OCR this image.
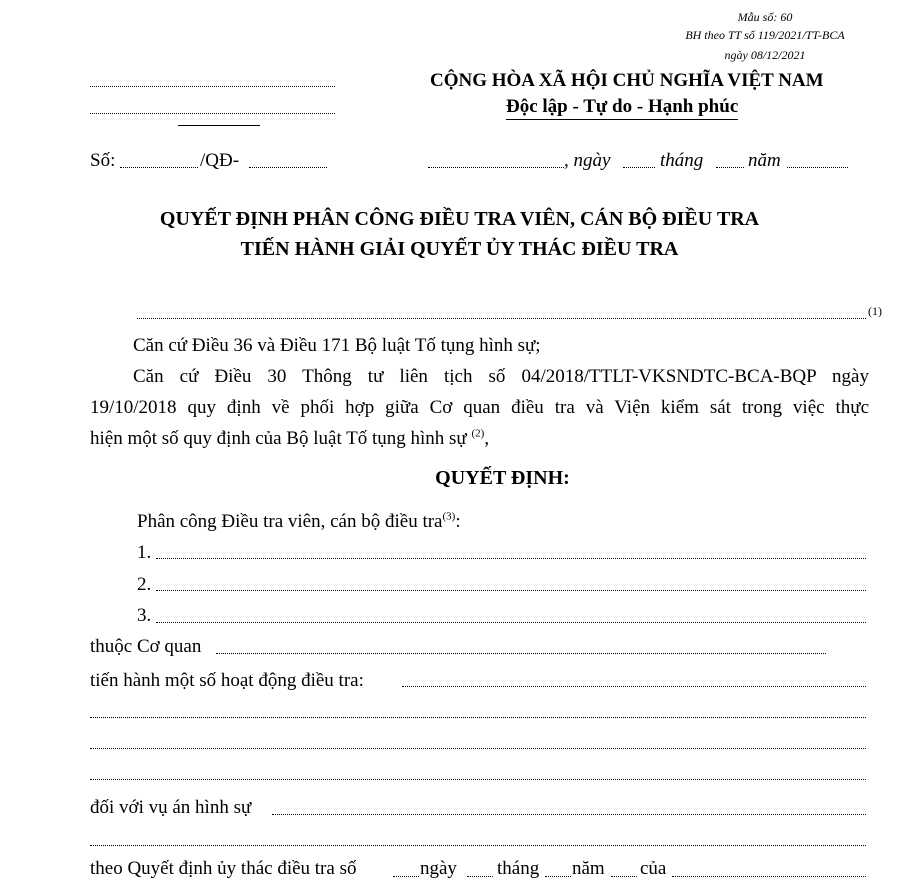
Mẫu số: 60
BH theo TT số 119/2021/TT-BCA
ngày 08/12/2021
CỘNG HÒA XÃ HỘI CHỦ NGHĨA VIỆT NAM
Độc lập - Tự do - Hạnh phúc
Số:	/QĐ-	, ngày	tháng năm
QUYẾT ĐỊNH PHÂN CÔNG ĐIỀU TRA VIÊN, CÁN BỘ ĐIỀU TRA
TIẾN HÀNH GIẢI QUYẾT ỦY THÁC ĐIỀU TRA
(1)
Căn cứ Điều 36 và Điều 171 Bộ luật Tố tụng hình sự;
Căn cứ Điều 30 Thông tư liên tịch số 04/2018/TTLT-VKSNDTC-BCA-BQP ngày
19/10/2018 quy định về phối hợp giữa Cơ quan điều tra và Viện kiểm sát trong việc thực
hiện một số quy định của Bộ luật Tố tụng hình sự $^{(2)}$,
QUYẾT ĐỊNH:
Phân công Điều tra viên, cán bộ điều tra$^{(3)}$:
1.
2.
3.
thuộc Cơ quan
tiến hành một số hoạt động điều tra:
đối với vụ án hình sự
theo Quyết định ủy thác điều tra số	ngày tháng năm của
